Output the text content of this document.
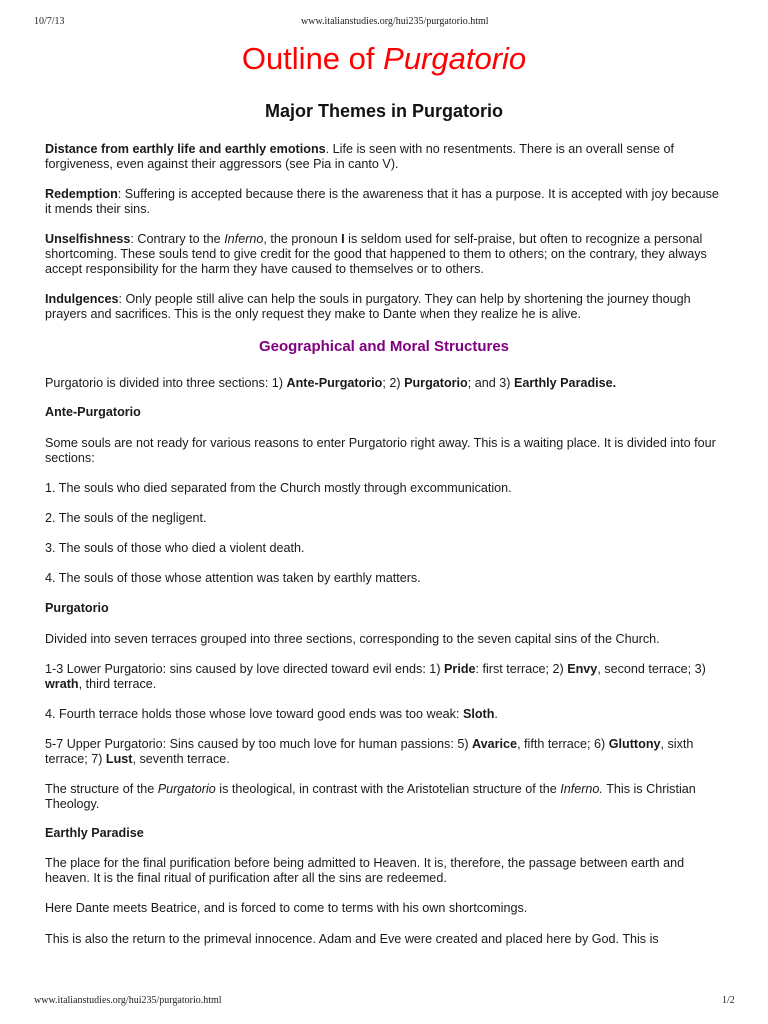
10/7/13	www.italianstudies.org/hui235/purgatorio.html
Outline of Purgatorio
Major Themes in Purgatorio

Distance from earthly life and earthly emotions. Life is seen with no resentments. There is an overall sense of forgiveness, even against their aggressors (see Pia in canto V).

Redemption: Suffering is accepted because there is the awareness that it has a purpose. It is accepted with joy because it mends their sins.

Unselfishness: Contrary to the Inferno, the pronoun I is seldom used for self-praise, but often to recognize a personal shortcoming. These souls tend to give credit for the good that happened to them to others; on the contrary, they always accept responsibility for the harm they have caused to themselves or to others.

Indulgences: Only people still alive can help the souls in purgatory. They can help by shortening the journey though prayers and sacrifices. This is the only request they make to Dante when they realize he is alive.

Geographical and Moral Structures

Purgatorio is divided into three sections: 1) Ante-Purgatorio; 2) Purgatorio; and 3) Earthly Paradise.

Ante-Purgatorio

Some souls are not ready for various reasons to enter Purgatorio right away. This is a waiting place. It is divided into four sections:

1. The souls who died separated from the Church mostly through excommunication.

2. The souls of the negligent.

3. The souls of those who died a violent death.

4. The souls of those whose attention was taken by earthly matters.

Purgatorio

Divided into seven terraces grouped into three sections, corresponding to the seven capital sins of the Church.

1-3 Lower Purgatorio: sins caused by love directed toward evil ends: 1) Pride: first terrace; 2) Envy, second terrace; 3) wrath, third terrace.

4. Fourth terrace holds those whose love toward good ends was too weak: Sloth.

5-7 Upper Purgatorio: Sins caused by too much love for human passions: 5) Avarice, fifth terrace; 6) Gluttony, sixth terrace; 7) Lust, seventh terrace.

The structure of the Purgatorio is theological, in contrast with the Aristotelian structure of the Inferno. This is Christian Theology.

Earthly Paradise

The place for the final purification before being admitted to Heaven. It is, therefore, the passage between earth and heaven. It is the final ritual of purification after all the sins are redeemed.

Here Dante meets Beatrice, and is forced to come to terms with his own shortcomings.

This is also the return to the primeval innocence. Adam and Eve were created and placed here by God. This is

www.italianstudies.org/hui235/purgatorio.html	1/2
